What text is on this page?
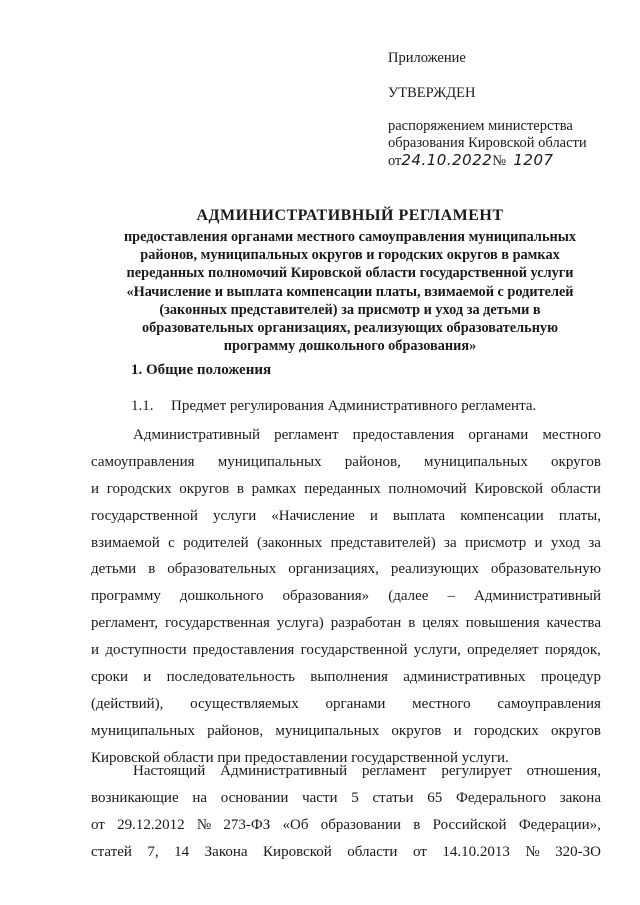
Приложение

УТВЕРЖДЕН

распоряжением министерства

образования Кировской области

от24.10.2022№ 1207

АДМИНИСТРАТИВНЫЙ РЕГЛАМЕНТ

предоставления органами местного самоуправления муниципальных

районов, муниципальных округов и городских округов в рамках

переданных полномочий Кировской области государственной услуги

«Начисление и выплата компенсации платы, взимаемой с родителей

(законных представителей) за присмотр и уход за детьми в

образовательных организациях, реализующих образовательную

программу дошкольного образования»

1. Общие положения
1.1. Предмет регулирования Административного регламента.
Административный регламент предоставления органами местного
самоуправления муниципальных районов, муниципальных округов
и городских округов в рамках переданных полномочий Кировской области
государственной услуги «Начисление и выплата компенсации платы,
взимаемой с родителей (законных представителей) за присмотр и уход за
детьми в образовательных организациях, реализующих образовательную
программу дошкольного образования» (далее – Административный
регламент, государственная услуга) разработан в целях повышения качества
и доступности предоставления государственной услуги, определяет порядок,
сроки и последовательность выполнения административных процедур
(действий), осуществляемых органами местного самоуправления
муниципальных районов, муниципальных округов и городских округов
Кировской области при предоставлении государственной услуги.
Настоящий Административный регламент регулирует отношения,
возникающие на основании части 5 статьи 65 Федерального закона
от 29.12.2012 № 273-ФЗ «Об образовании в Российской Федерации»,
статей 7, 14 Закона Кировской области от 14.10.2013 № 320-ЗО
